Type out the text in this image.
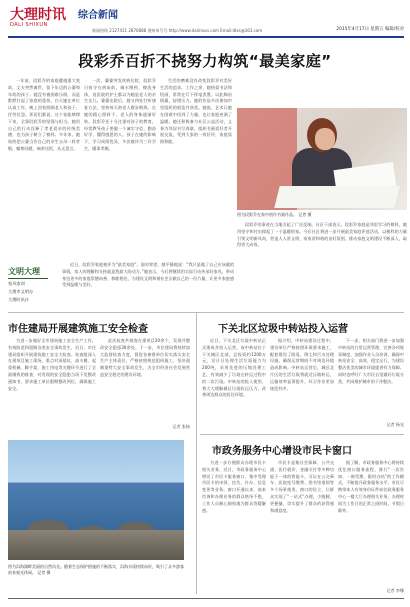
大理时讯
DALI SHIXUN
综合新闻
新闻热线 2127411 2870888 理州单号号 http://www.dalirixun.com Email:dlxs@163.com	2015年4月17日 星期五 编辑/校对
段彩乔百折不挠努力构筑“最美家庭”

一年前，段彩乔的家庭遭遇重大变故，丈夫突然离世，留下年迈的公婆和年幼的孩子。她没有被困难压倒，而是默默扛起了家庭的重担。白天她在单位认真工作，晚上回家照顾老人和孩子，任劳任怨。邻居们都说，这个家能够撑下来，全靠段彩乔的坚强与担当。她用自己的行动诠释了孝老爱亲的传统美德，也为孩子树立了榜样。多年来，她始终把公婆当作自己的亲生父母一样孝敬，嘘寒问暖，端茶送饭，从无怨言。

一次，婆婆突发疾病住院，段彩乔日夜守在病床前，端水喂药，擦洗身体，连医院的护士都以为她是老人的亲生女儿。婆婆出院后，她又四处打听康复方法，坚持每天陪老人散步锻炼。在她的精心照料下，老人的身体逐渐好转。段彩乔还十分注重对孩子的教育，经常教导孩子要做一个诚实守信、勤奋好学、懂得感恩的人。孩子在她的影响下，学习成绩优异，多次被评为三好学生，懂事孝顺。

生活的磨难没有改变段彩乔对美好生活的追求。工作之余，她热爱书法和绘画，常常在灯下挥毫泼墨，以此陶冶情操，舒缓压力。她的作品多次参加市里组织的展览并获奖。她说，艺术让她在困难中找到了力量，也让家庭充满了温暖。她还积极参与社区公益活动，义务为邻居书写春联，组织书画爱好者开展交流，受到大家的一致好评，家庭氛围和睦。

近日，段彩乔家庭被评为“最美家庭”。面对荣誉，她平静地说：“我只是做了自己应该做的事情，家人的理解和支持就是我最大的动力。”她表示，今后将继续用实际行动传承好家风，带动身边更多的家庭崇德向善、和睦相处，为建设文明和谐社会贡献自己的一份力量，让更多家庭感受到温暖与美好。

段彩乔的事迹在当地引起了广泛反响。社区干部表示，段彩乔家庭是邻里学习的榜样，她用坚守和付出撑起了一个温暖的家。今后社区将进一步开展最美家庭评选活动，以榜样的力量引领文明新风尚，营造人人讲文明、家家讲和谐的良好氛围，推动家庭文明建设不断深入，取得更大成效。

图为段彩乔在家中创作书画作品。 记者 摄
文明大理
家风家训
大理市文明办
大理时讯社
市住建局开展建筑施工安全检查

为进一步做好全市建筑施工安全生产工作，有效防范和遏制各类安全事故发生，近日，市住建局组织开展建筑施工安全大检查。检查组深入在建项目施工现场，重点对深基坑、高支模、起重机械、脚手架、施工用电等关键环节进行了全面细致的排查，对发现的安全隐患当场下发整改通知书，要求施工单位限期整改到位，确保施工安全。

此次检查共排查在建项目20余个，发现并整改安全隐患30余处。下一步，市住建局将持续加大监督检查力度，督促各参建单位切实落实安全生产主体责任，严格按照规范组织施工，坚决遏制重特大安全事故发生，为全市经济社会发展营造安全稳定的建设环境。

记者 张杨
下关北区垃圾中转站投入运营

近日，下关北区垃圾中转站正式建成并投入运营。该中转站位于下关城区北部，总投资约1200万元，设计日处理生活垃圾能力为200吨，采用先进的压缩处理工艺，有效减少了垃圾在转运过程中的二次污染。中转站的投入使用，将大大缓解城区垃圾收运压力，改善周边群众的居住环境。

据介绍，中转站建设过程中，建设单位严格按照环保要求施工，配套建设了除臭、降尘和污水处理设施，确保运营期间不对周边环境造成影响。中转站运营后，城区北片区的生活垃圾将就近压缩转运，运输效率显著提升，环卫作业更加规范有序。

下一步，相关部门将进一步加强中转站的日常运营管理，完善各项规章制度，加强作业人员培训，确保中转站安全、高效、稳定运行，为建设整洁优美的城市环境提供有力保障。同时也呼吁广大市民自觉做好垃圾分类，共同维护城市的干净整洁。

记者 杨光
图为洱海湖畔美丽的自然风光。随着生态保护措施的不断落实，洱海水质持续向好，吸引了众多游客前来观光休闲。 记者 摄
市政务服务中心增设市民卡窗口

为进一步方便群众办理市民卡相关业务，近日，市政务服务中心增设了市民卡服务窗口，集中受理市民卡的申领、挂失、补办、信息变更等业务。窗口开通以来，前来咨询和办理业务的群众络绎不绝，工作人员耐心细致地为群众答疑解惑。

市民卡是集社会保障、公共交通、医疗就诊、金融支付等多种功能于一体的智能卡，可以在公交乘车、医院挂号缴费、图书馆借阅等多个场景使用。窗口的设立，让群众实现了“一站式”办理，少跑腿、更便捷，切实提升了群众的获得感和满意度。

据了解，市政务服务中心将持续优化窗口服务流程，推行“一次告知、一窗受理、限时办结”的工作模式，不断提升政务服务水平。市民可携带本人有效身份证件前往政务服务中心一楼大厅办理相关业务，办理时间为工作日的正常上班时间，节假日除外。

记者 李娜
